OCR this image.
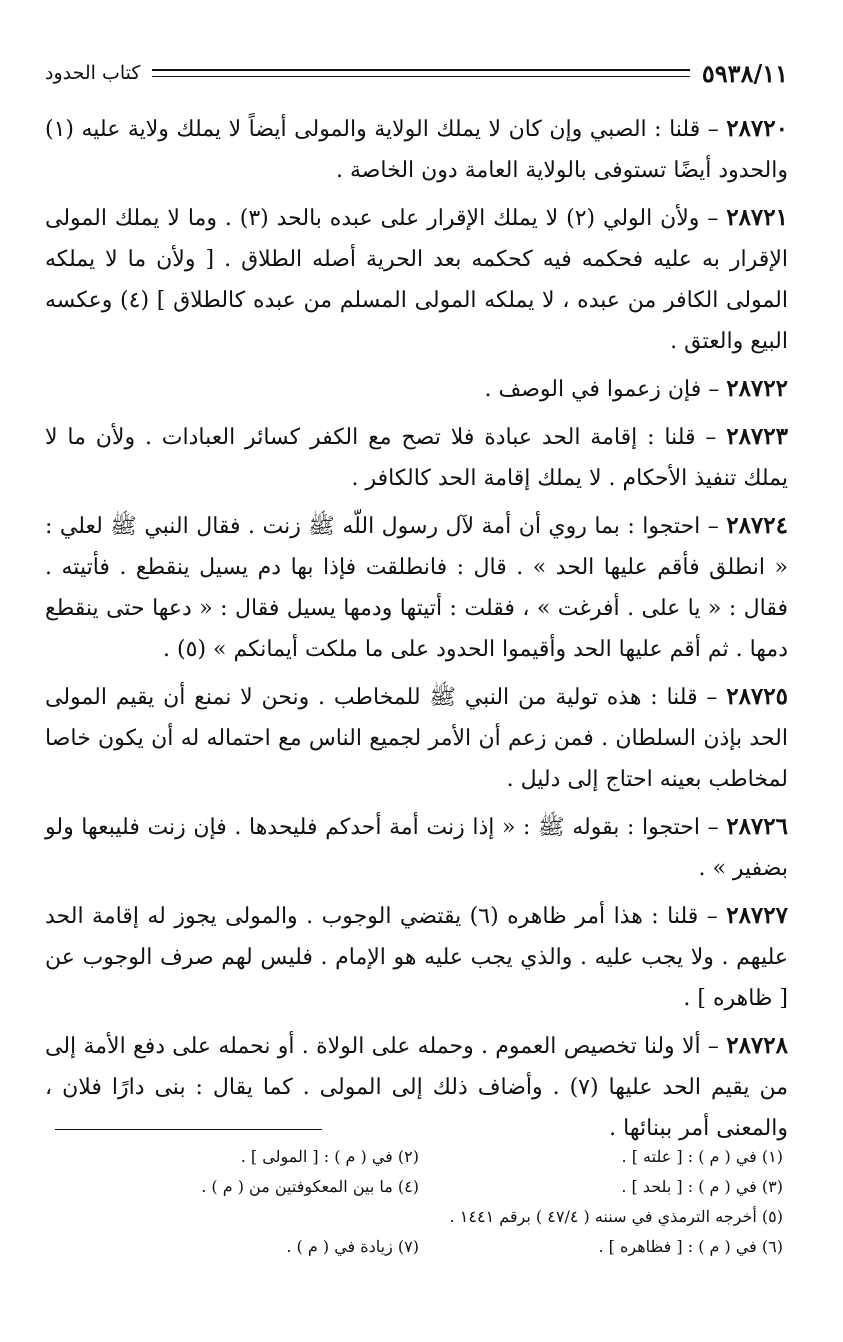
٥٩٣٨/١١
كتاب الحدود

٢٨٧٢٠ – قلنا : الصبي وإن كان لا يملك الولاية والمولى أيضاً لا يملك ولاية عليه (١) والحدود أيضًا تستوفى بالولاية العامة دون الخاصة .

٢٨٧٢١ – ولأن الولي (٢) لا يملك الإقرار على عبده بالحد (٣) . وما لا يملك المولى الإقرار به عليه فحكمه فيه كحكمه بعد الحرية أصله الطلاق . [ ولأن ما لا يملكه المولى الكافر من عبده ، لا يملكه المولى المسلم من عبده كالطلاق ] (٤) وعكسه البيع والعتق .

٢٨٧٢٢ – فإن زعموا في الوصف .

٢٨٧٢٣ – قلنا : إقامة الحد عبادة فلا تصح مع الكفر كسائر العبادات . ولأن ما لا يملك تنفيذ الأحكام . لا يملك إقامة الحد كالكافر .

٢٨٧٢٤ – احتجوا : بما روي أن أمة لآل رسول اللّه ﷺ زنت . فقال النبي ﷺ لعلي : « انطلق فأقم عليها الحد » . قال : فانطلقت فإذا بها دم يسيل ينقطع . فأتيته . فقال : « يا على . أفرغت » ، فقلت : أتيتها ودمها يسيل فقال : « دعها حتى ينقطع دمها . ثم أقم عليها الحد وأقيموا الحدود على ما ملكت أيمانكم » (٥) .

٢٨٧٢٥ – قلنا : هذه تولية من النبي ﷺ للمخاطب . ونحن لا نمنع أن يقيم المولى الحد بإذن السلطان . فمن زعم أن الأمر لجميع الناس مع احتماله له أن يكون خاصا لمخاطب بعينه احتاج إلى دليل .

٢٨٧٢٦ – احتجوا : بقوله ﷺ : « إذا زنت أمة أحدكم فليحدها . فإن زنت فليبعها ولو بضفير » .

٢٨٧٢٧ – قلنا : هذا أمر ظاهره (٦) يقتضي الوجوب . والمولى يجوز له إقامة الحد عليهم . ولا يجب عليه . والذي يجب عليه هو الإمام . فليس لهم صرف الوجوب عن [ ظاهره ] .

٢٨٧٢٨ – ألا ولنا تخصيص العموم . وحمله على الولاة . أو نحمله على دفع الأمة إلى من يقيم الحد عليها (٧) . وأضاف ذلك إلى المولى . كما يقال : بنى دارًا فلان ، والمعنى أمر ببنائها .

(١) في ( م ) : [ علته ] .
(٢) في ( م ) : [ المولى ] .
(٣) في ( م ) : [ بلحد ] .
(٤) ما بين المعكوفتين من ( م ) .
(٥) أخرجه الترمذي في سننه ( ٤٧/٤ ) برقم ١٤٤١ .
(٦) في ( م ) : [ فظاهره ] .
(٧) زيادة في ( م ) .
